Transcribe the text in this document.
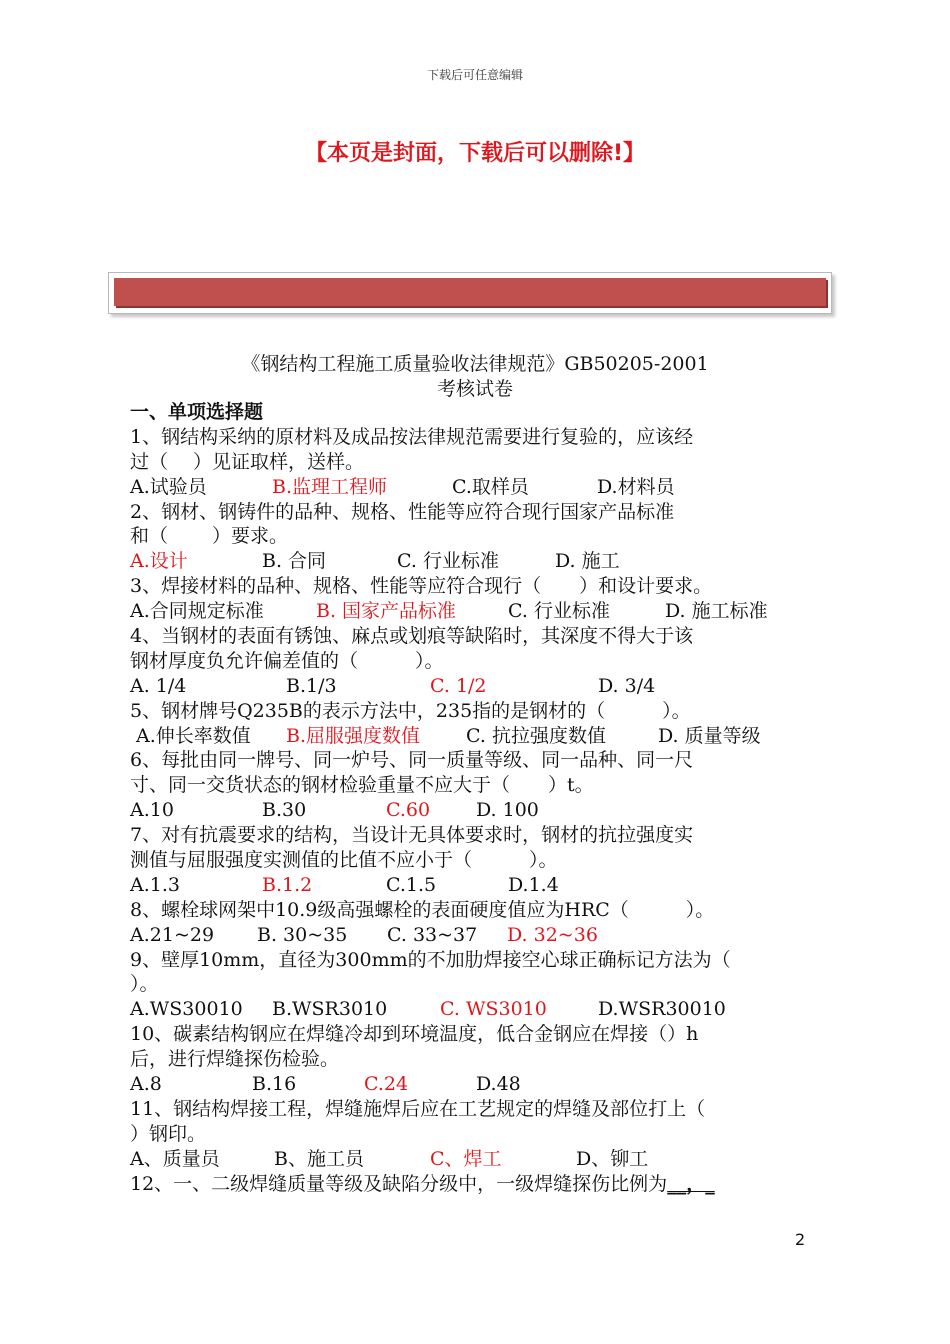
下载后可任意编辑
【本页是封面，下载后可以删除!】
《钢结构工程施工质量验收法律规范》GB50205-2001
考核试卷
一、单项选择题
1、钢结构采纳的原材料及成品按法律规范需要进行复验的，应该经
过（　 ）见证取样，送样。
A.试验员	B.监理工程师	C.取样员	D.材料员
2、钢材、钢铸件的品种、规格、性能等应符合现行国家产品标准
和（　　 ）要求。
A.设计	B. 合同	C. 行业标准	D. 施工
3、焊接材料的品种、规格、性能等应符合现行（　　）和设计要求。
A.合同规定标准	B. 国家产品标准	C. 行业标准	D. 施工标准
4、当钢材的表面有锈蚀、麻点或划痕等缺陷时，其深度不得大于该
钢材厚度负允许偏差值的（　　　）。
A. 1/4	B.1/3	C. 1/2	D. 3/4
5、钢材牌号Q235B的表示方法中，235指的是钢材的（　　　）。
A.伸长率数值 B.屈服强度数值 C. 抗拉强度数值	D. 质量等级
6、每批由同一牌号、同一炉号、同一质量等级、同一品种、同一尺
寸、同一交货状态的钢材检验重量不应大于（　　）t。
A.10	B.30	C.60 D. 100
7、对有抗震要求的结构，当设计无具体要求时，钢材的抗拉强度实
测值与屈服强度实测值的比值不应小于（　　　）。
A.1.3	B.1.2	C.1.5	D.1.4
8、螺栓球网架中10.9级高强螺栓的表面硬度值应为HRC（　　　）。
A.21~29 B. 30~35 C. 33~37 D. 32~36
9、壁厚10mm，直径为300mm的不加肋焊接空心球正确标记方法为（
）。
A.WS30010 B.WSR3010	C. WS3010	D.WSR30010
10、碳素结构钢应在焊缝冷却到环境温度，低合金钢应在焊接（）h
后，进行焊缝探伤检验。
A.8	B.16	C.24	D.48
11、钢结构焊接工程，焊缝施焊后应在工艺规定的焊缝及部位打上（
）钢印。
A、质量员	B、施工员	C、焊工	D、铆工
12、一、二级焊缝质量等级及缺陷分级中，一级焊缝探伤比例为__，_
2
